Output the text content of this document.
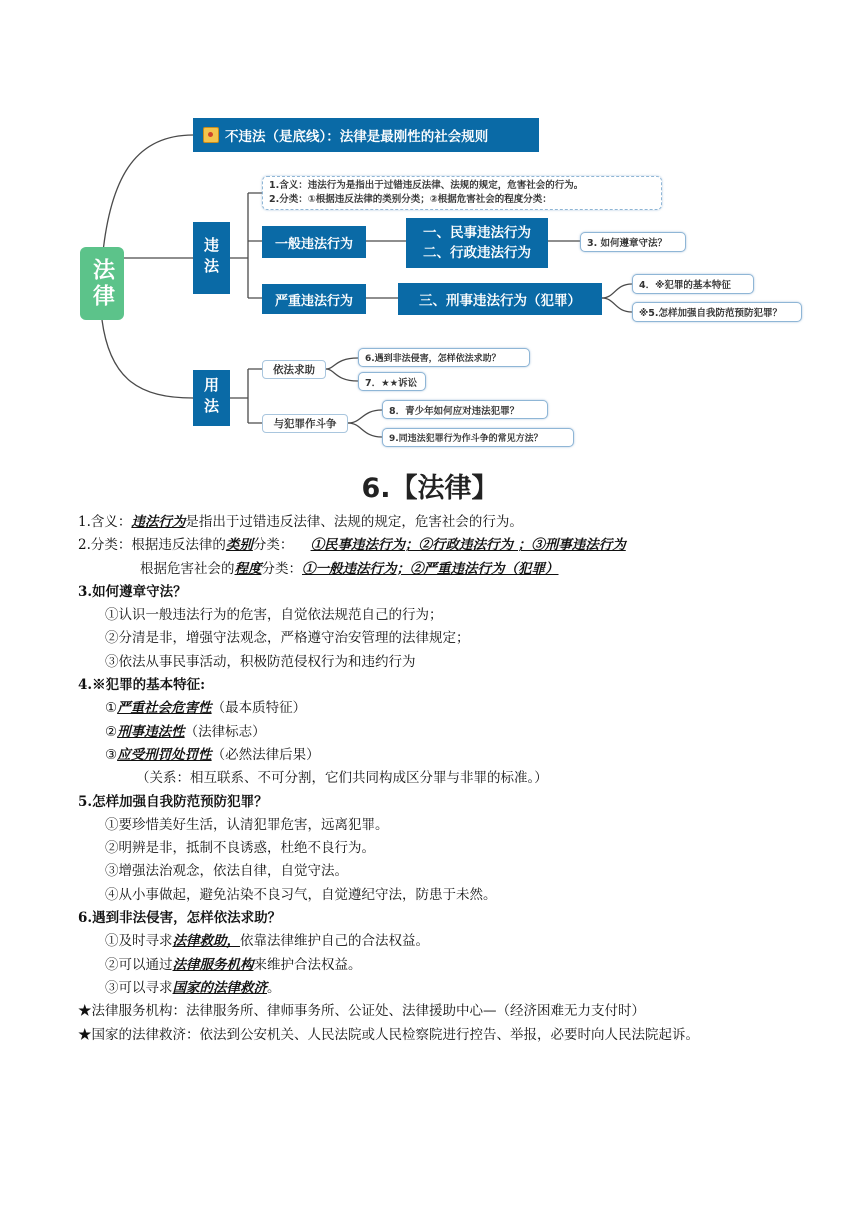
法律
不违法（是底线）：法律是最刚性的社会规则
违法
1.含义：违法行为是指出于过错违反法律、法规的规定，危害社会的行为。
2.分类：①根据违反法律的类别分类；②根据危害社会的程度分类：
一般违法行为
一、民事违法行为
二、行政违法行为
3. 如何遵章守法？
严重违法行为	三、刑事违法行为（犯罪）
4．※犯罪的基本特征
※5.怎样加强自我防范预防犯罪？
用法
依法求助
6.遇到非法侵害，怎样依法求助？
7．★★诉讼
与犯罪作斗争
8．青少年如何应对违法犯罪？
9.同违法犯罪行为作斗争的常见方法？
6.【法律】
1.含义：违法行为是指出于过错违反法律、法规的规定，危害社会的行为。
2.分类：根据违反法律的类别分类： ①民事违法行为；②行政违法行为 ；③刑事违法行为
根据危害社会的程度分类：①一般违法行为；②严重违法行为（犯罪）
3.如何遵章守法？
①认识一般违法行为的危害，自觉依法规范自己的行为；
②分清是非，增强守法观念，严格遵守治安管理的法律规定；
③依法从事民事活动，积极防范侵权行为和违约行为
4.※犯罪的基本特征:
①严重社会危害性（最本质特征）
②刑事违法性（法律标志）
③应受刑罚处罚性（必然法律后果）
（关系：相互联系、不可分割，它们共同构成区分罪与非罪的标准。）
5.怎样加强自我防范预防犯罪？
①要珍惜美好生活，认清犯罪危害，远离犯罪。
②明辨是非，抵制不良诱惑，杜绝不良行为。
③增强法治观念，依法自律，自觉守法。
④从小事做起，避免沾染不良习气，自觉遵纪守法，防患于未然。
6.遇到非法侵害，怎样依法求助？
①及时寻求法律救助，依靠法律维护自己的合法权益。
②可以通过法律服务机构来维护合法权益。
③可以寻求国家的法律救济。
★法律服务机构：法律服务所、律师事务所、公证处、法律援助中心—（经济困难无力支付时）
★国家的法律救济：依法到公安机关、人民法院或人民检察院进行控告、举报，必要时向人民法院起诉。
